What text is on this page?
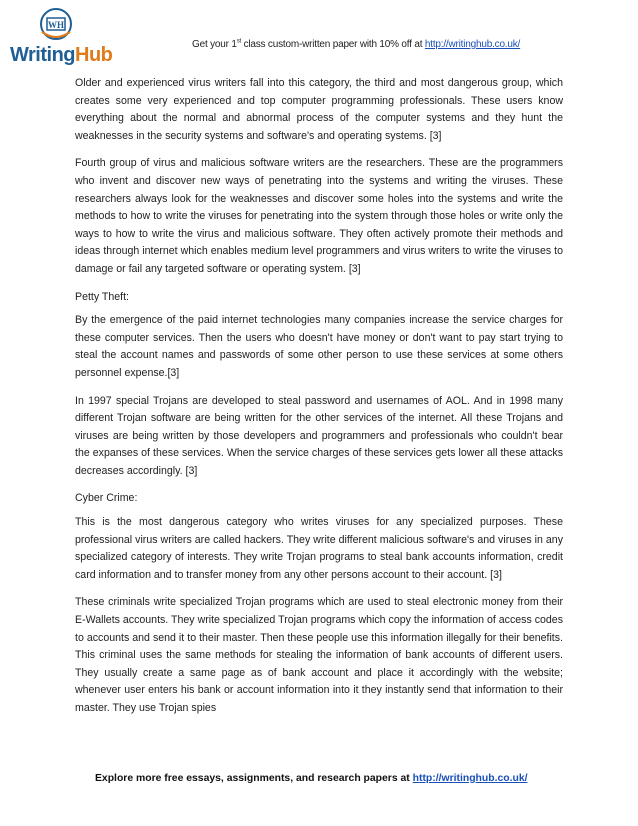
WH
WritingHub	Get your 1st class custom-written paper with 10% off at http://writinghub.co.uk/

Older and experienced virus writers fall into this category, the third and most dangerous group, which creates some very experienced and top computer programming professionals. These users know everything about the normal and abnormal process of the computer systems and they hunt the weaknesses in the security systems and software's and operating systems. [3]

Fourth group of virus and malicious software writers are the researchers. These are the programmers who invent and discover new ways of penetrating into the systems and writing the viruses. These researchers always look for the weaknesses and discover some holes into the systems and write the methods to how to write the viruses for penetrating into the system through those holes or write only the ways to how to write the virus and malicious software. They often actively promote their methods and ideas through internet which enables medium level programmers and virus writers to write the viruses to damage or fail any targeted software or operating system. [3]

Petty Theft:

By the emergence of the paid internet technologies many companies increase the service charges for these computer services. Then the users who doesn't have money or don't want to pay start trying to steal the account names and passwords of some other person to use these services at some others personnel expense.[3]

In 1997 special Trojans are developed to steal password and usernames of AOL. And in 1998 many different Trojan software are being written for the other services of the internet. All these Trojans and viruses are being written by those developers and programmers and professionals who couldn't bear the expanses of these services. When the service charges of these services gets lower all these attacks decreases accordingly. [3]

Cyber Crime:

This is the most dangerous category who writes viruses for any specialized purposes. These professional virus writers are called hackers. They write different malicious software's and viruses in any specialized category of interests. They write Trojan programs to steal bank accounts information, credit card information and to transfer money from any other persons account to their account. [3]

These criminals write specialized Trojan programs which are used to steal electronic money from their E-Wallets accounts. They write specialized Trojan programs which copy the information of access codes to accounts and send it to their master. Then these people use this information illegally for their benefits. This criminal uses the same methods for stealing the information of bank accounts of different users. They usually create a same page as of bank account and place it accordingly with the website; whenever user enters his bank or account information into it they instantly send that information to their master. They use Trojan spies

Explore more free essays, assignments, and research papers at http://writinghub.co.uk/
